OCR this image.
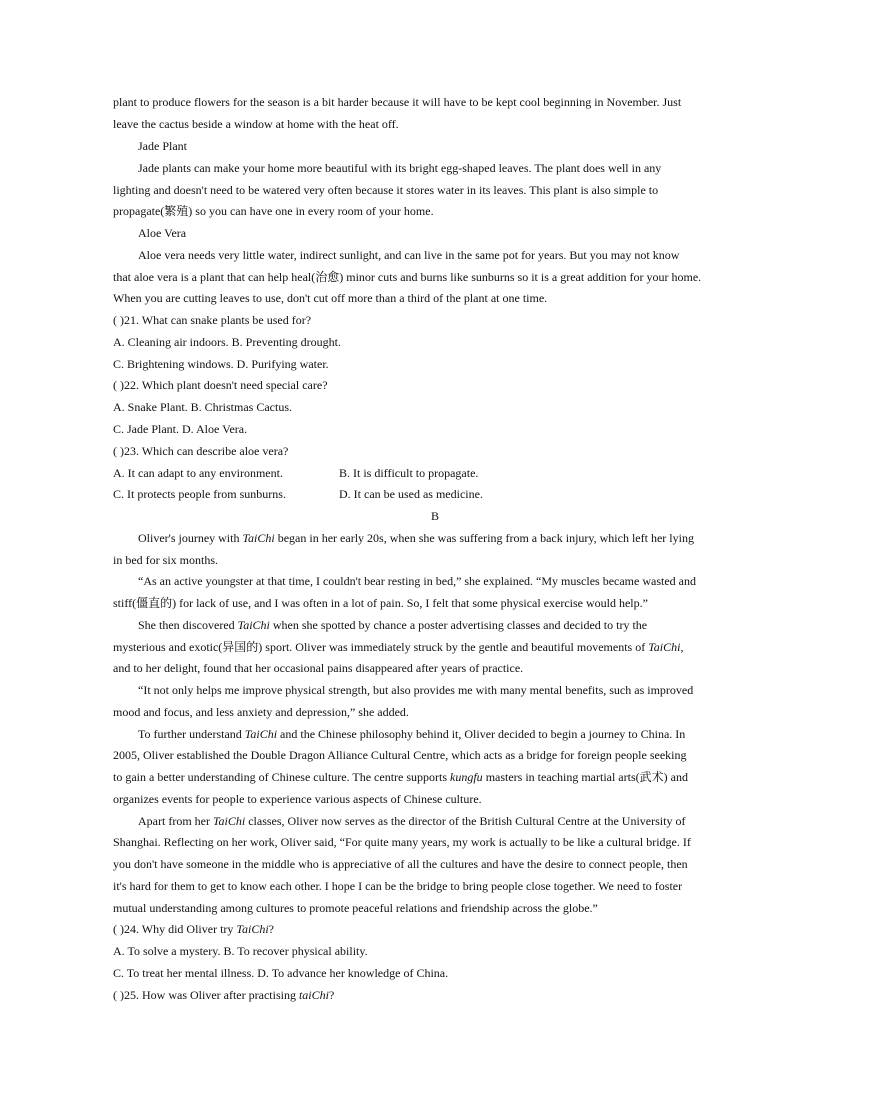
plant to produce flowers for the season is a bit harder because it will have to be kept cool beginning in November. Just
leave the cactus beside a window at home with the heat off.
Jade Plant
Jade plants can make your home more beautiful with its bright egg-shaped leaves. The plant does well in any
lighting and doesn't need to be watered very often because it stores water in its leaves. This plant is also simple to
propagate(繁殖) so you can have one in every room of your home.
Aloe Vera
Aloe vera needs very little water, indirect sunlight, and can live in the same pot for years. But you may not know
that aloe vera is a plant that can help heal(治愈) minor cuts and burns like sunburns so it is a great addition for your home.
When you are cutting leaves to use, don't cut off more than a third of the plant at one time.
( )21. What can snake plants be used for?
A. Cleaning air indoors. B. Preventing drought.
C. Brightening windows. D. Purifying water.
( )22. Which plant doesn't need special care?
A. Snake Plant. B. Christmas Cactus.
C. Jade Plant. D. Aloe Vera.
( )23. Which can describe aloe vera?
A. It can adapt to any environment.	B. It is difficult to propagate.
C. It protects people from sunburns.	D. It can be used as medicine.
B
Oliver's journey with TaiChi began in her early 20s, when she was suffering from a back injury, which left her lying
in bed for six months.
“As an active youngster at that time, I couldn't bear resting in bed,” she explained. “My muscles became wasted and
stiff(僵直的) for lack of use, and I was often in a lot of pain. So, I felt that some physical exercise would help.”
She then discovered TaiChi when she spotted by chance a poster advertising classes and decided to try the
mysterious and exotic(异国的) sport. Oliver was immediately struck by the gentle and beautiful movements of TaiChi,
and to her delight, found that her occasional pains disappeared after years of practice.
“It not only helps me improve physical strength, but also provides me with many mental benefits, such as improved
mood and focus, and less anxiety and depression,” she added.
To further understand TaiChi and the Chinese philosophy behind it, Oliver decided to begin a journey to China. In
2005, Oliver established the Double Dragon Alliance Cultural Centre, which acts as a bridge for foreign people seeking
to gain a better understanding of Chinese culture. The centre supports kungfu masters in teaching martial arts(武术) and
organizes events for people to experience various aspects of Chinese culture.
Apart from her TaiChi classes, Oliver now serves as the director of the British Cultural Centre at the University of
Shanghai. Reflecting on her work, Oliver said, “For quite many years, my work is actually to be like a cultural bridge. If
you don't have someone in the middle who is appreciative of all the cultures and have the desire to connect people, then
it's hard for them to get to know each other. I hope I can be the bridge to bring people close together. We need to foster
mutual understanding among cultures to promote peaceful relations and friendship across the globe.”
( )24. Why did Oliver try TaiChi?
A. To solve a mystery. B. To recover physical ability.
C. To treat her mental illness. D. To advance her knowledge of China.
( )25. How was Oliver after practising taiChi?
